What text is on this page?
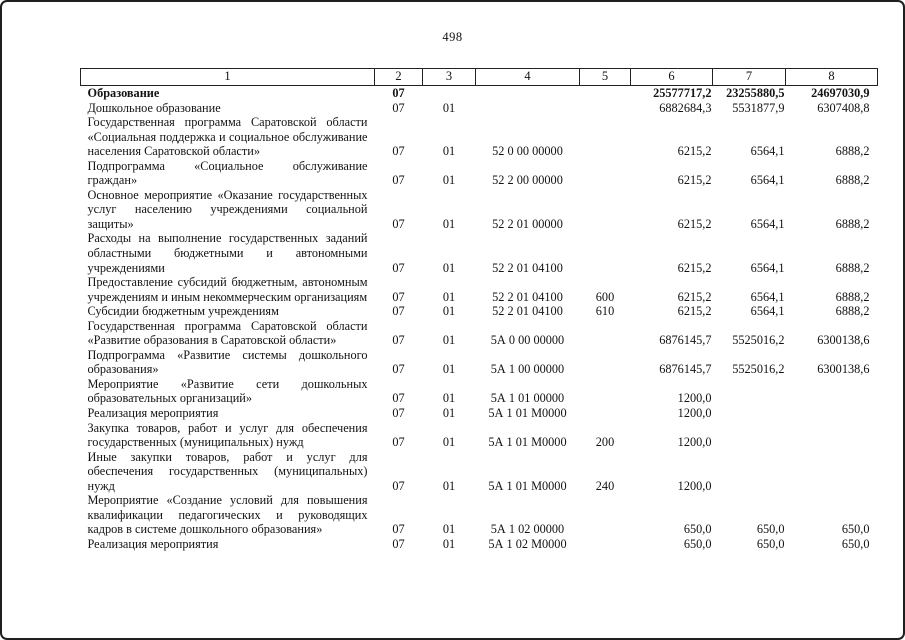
498
1	2	3	4	5	6	7	8
Образование	07				25577717,2	23255880,5	24697030,9
Дошкольное образование	07	01			6882684,3	5531877,9	6307408,8
Государственная программа Саратовской области «Социальная поддержка и социальное обслуживание населения Саратовской области»	07	01	52 0 00 00000		6215,2	6564,1	6888,2
Подпрограмма «Социальное обслуживание граждан»	07	01	52 2 00 00000		6215,2	6564,1	6888,2
Основное мероприятие «Оказание государственных услуг населению учреждениями социальной защиты»	07	01	52 2 01 00000		6215,2	6564,1	6888,2
Расходы на выполнение государственных заданий областными бюджетными и автономными учреждениями	07	01	52 2 01 04100		6215,2	6564,1	6888,2
Предоставление субсидий бюджетным, автономным учреждениям и иным некоммерческим организациям	07	01	52 2 01 04100	600	6215,2	6564,1	6888,2
Субсидии бюджетным учреждениям	07	01	52 2 01 04100	610	6215,2	6564,1	6888,2
Государственная программа Саратовской области «Развитие образования в Саратовской области»	07	01	5А 0 00 00000		6876145,7	5525016,2	6300138,6
Подпрограмма «Развитие системы дошкольного образования»	07	01	5А 1 00 00000		6876145,7	5525016,2	6300138,6
Мероприятие «Развитие сети дошкольных образовательных организаций»	07	01	5А 1 01 00000		1200,0		
Реализация мероприятия	07	01	5А 1 01 М0000		1200,0		
Закупка товаров, работ и услуг для обеспечения государственных (муниципальных) нужд	07	01	5А 1 01 М0000	200	1200,0		
Иные закупки товаров, работ и услуг для обеспечения государственных (муниципальных) нужд	07	01	5А 1 01 М0000	240	1200,0		
Мероприятие «Создание условий для повышения квалификации педагогических и руководящих кадров в системе дошкольного образования»	07	01	5А 1 02 00000		650,0	650,0	650,0
Реализация мероприятия	07	01	5А 1 02 М0000		650,0	650,0	650,0
